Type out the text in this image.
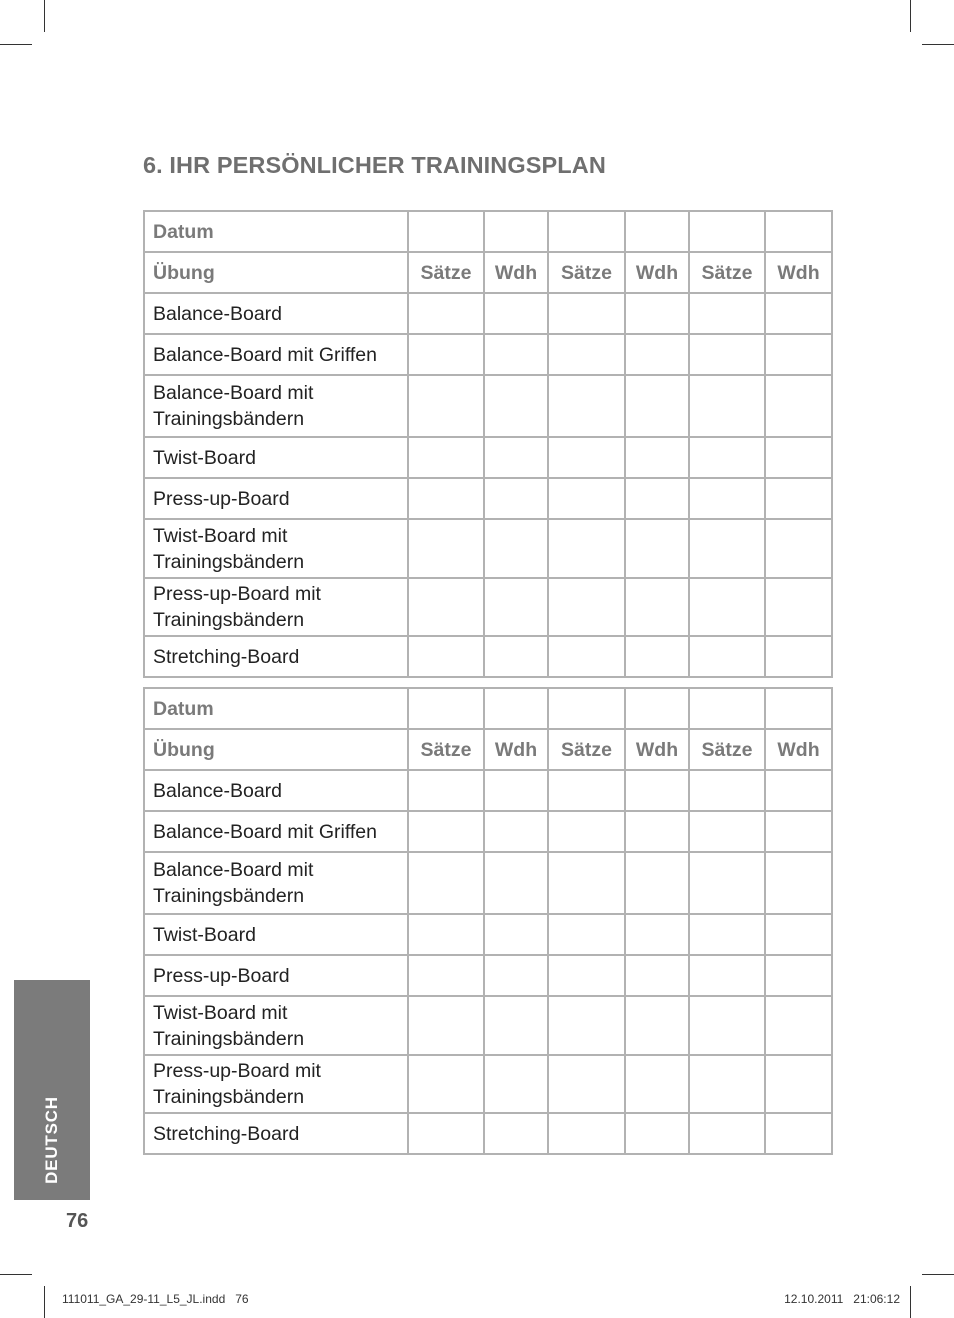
6. IHR PERSÖNLICHER TRAININGSPLAN
Datum						
Übung	Sätze	Wdh	Sätze	Wdh	Sätze	Wdh
Balance-Board						
Balance-Board mit Griffen						
Balance-Board mit
Trainingsbändern						
Twist-Board						
Press-up-Board						
Twist-Board mit
Trainingsbändern						
Press-up-Board mit
Trainingsbändern						
Stretching-Board						
Datum						
Übung	Sätze	Wdh	Sätze	Wdh	Sätze	Wdh
Balance-Board						
Balance-Board mit Griffen						
Balance-Board mit
Trainingsbändern						
Twist-Board						
Press-up-Board						
Twist-Board mit
Trainingsbändern						
Press-up-Board mit
Trainingsbändern						
Stretching-Board						
DEUTSCH
76
111011_GA_29-11_L5_JL.indd   76	12.10.2011   21:06:12
